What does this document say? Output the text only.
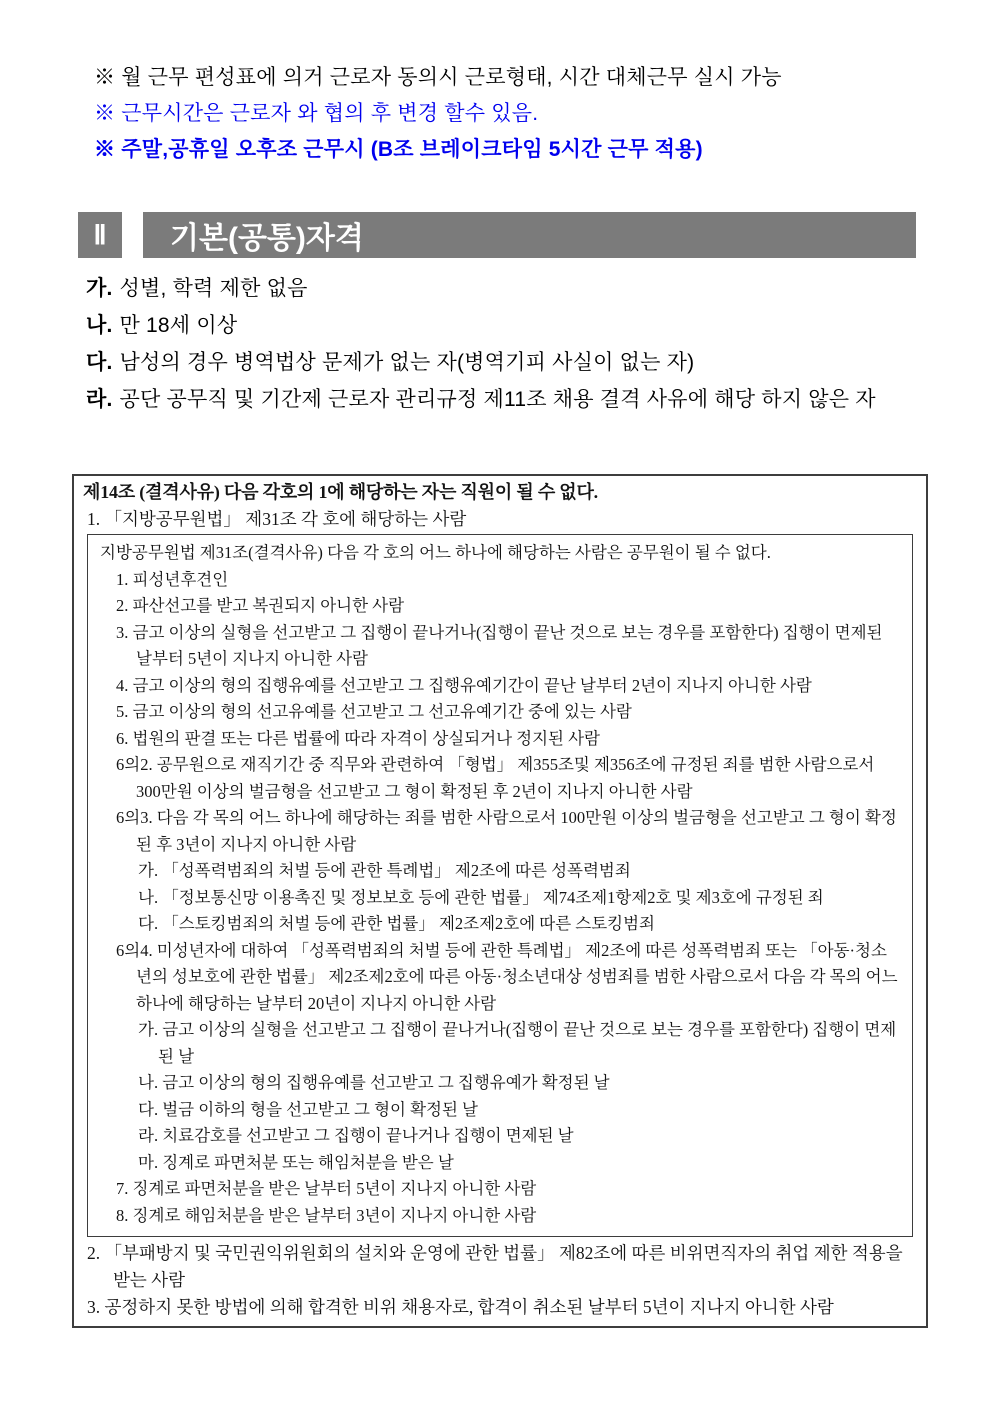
※ 월 근무 편성표에 의거 근로자 동의시 근로형태, 시간 대체근무 실시 가능
※ 근무시간은 근로자 와 협의 후 변경 할수 있음.
※ 주말,공휴일 오후조 근무시 (B조 브레이크타임 5시간 근무 적용)
Ⅱ	기본(공통)자격
가. 성별, 학력 제한 없음
나. 만 18세 이상
다. 남성의 경우 병역법상 문제가 없는 자(병역기피 사실이 없는 자)
라. 공단 공무직 및 기간제 근로자 관리규정 제11조 채용 결격 사유에 해당 하지 않은 자
제14조 (결격사유) 다음 각호의 1에 해당하는 자는 직원이 될 수 없다.
1. 「지방공무원법」 제31조 각 호에 해당하는 사람
지방공무원법 제31조(결격사유) 다음 각 호의 어느 하나에 해당하는 사람은 공무원이 될 수 없다.
1. 피성년후견인
2. 파산선고를 받고 복권되지 아니한 사람
3. 금고 이상의 실형을 선고받고 그 집행이 끝나거나(집행이 끝난 것으로 보는 경우를 포함한다) 집행이 면제된 날부터 5년이 지나지 아니한 사람
4. 금고 이상의 형의 집행유예를 선고받고 그 집행유예기간이 끝난 날부터 2년이 지나지 아니한 사람
5. 금고 이상의 형의 선고유예를 선고받고 그 선고유예기간 중에 있는 사람
6. 법원의 판결 또는 다른 법률에 따라 자격이 상실되거나 정지된 사람
6의2. 공무원으로 재직기간 중 직무와 관련하여 「형법」 제355조및 제356조에 규정된 죄를 범한 사람으로서 300만원 이상의 벌금형을 선고받고 그 형이 확정된 후 2년이 지나지 아니한 사람
6의3. 다음 각 목의 어느 하나에 해당하는 죄를 범한 사람으로서 100만원 이상의 벌금형을 선고받고 그 형이 확정된 후 3년이 지나지 아니한 사람
가. 「성폭력범죄의 처벌 등에 관한 특례법」 제2조에 따른 성폭력범죄
나. 「정보통신망 이용촉진 및 정보보호 등에 관한 법률」 제74조제1항제2호 및 제3호에 규정된 죄
다. 「스토킹범죄의 처벌 등에 관한 법률」 제2조제2호에 따른 스토킹범죄
6의4. 미성년자에 대하여 「성폭력범죄의 처벌 등에 관한 특례법」 제2조에 따른 성폭력범죄 또는 「아동·청소년의 성보호에 관한 법률」 제2조제2호에 따른 아동·청소년대상 성범죄를 범한 사람으로서 다음 각 목의 어느 하나에 해당하는 날부터 20년이 지나지 아니한 사람
가. 금고 이상의 실형을 선고받고 그 집행이 끝나거나(집행이 끝난 것으로 보는 경우를 포함한다) 집행이 면제된 날
나. 금고 이상의 형의 집행유예를 선고받고 그 집행유예가 확정된 날
다. 벌금 이하의 형을 선고받고 그 형이 확정된 날
라. 치료감호를 선고받고 그 집행이 끝나거나 집행이 면제된 날
마. 징계로 파면처분 또는 해임처분을 받은 날
7. 징계로 파면처분을 받은 날부터 5년이 지나지 아니한 사람
8. 징계로 해임처분을 받은 날부터 3년이 지나지 아니한 사람
2. 「부패방지 및 국민권익위원회의 설치와 운영에 관한 법률」 제82조에 따른 비위면직자의 취업 제한 적용을 받는 사람
3. 공정하지 못한 방법에 의해 합격한 비위 채용자로, 합격이 취소된 날부터 5년이 지나지 아니한 사람
